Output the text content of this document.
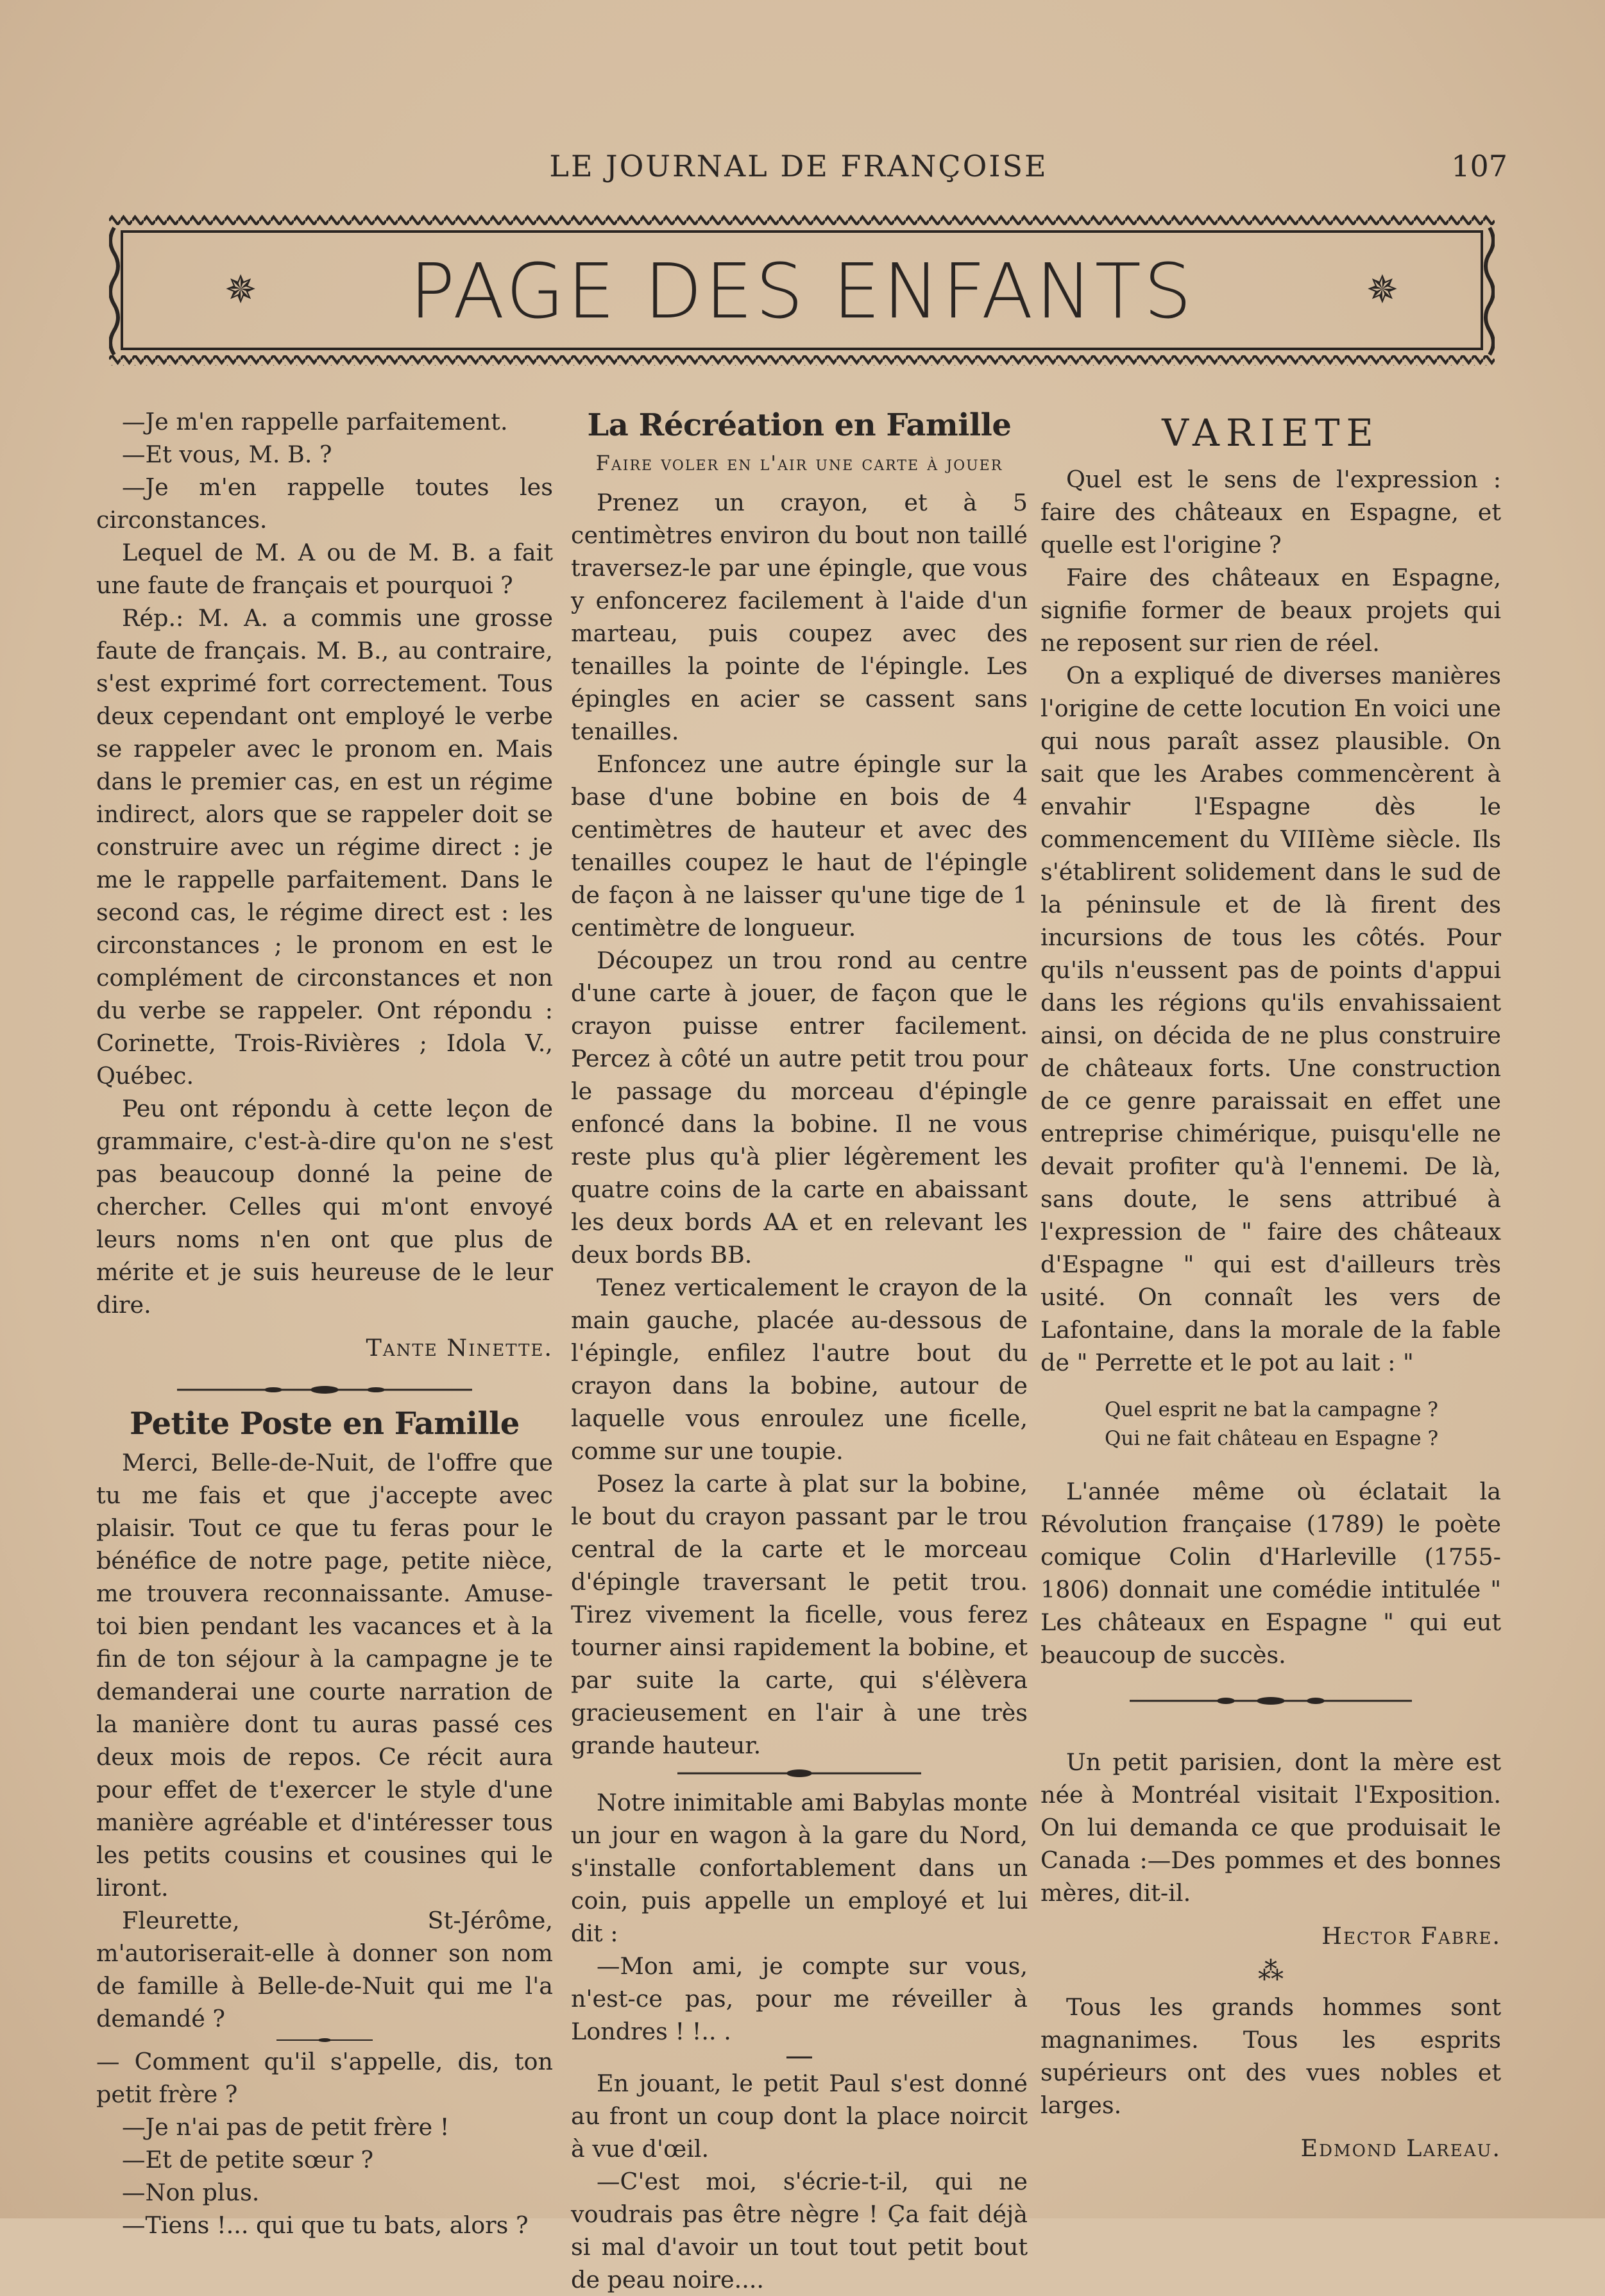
LE JOURNAL DE FRANÇOISE	107
✵	PAGE DES ENFANTS	✵

—Je m'en rappelle parfaitement.

—Et vous, M. B. ?

—Je m'en rappelle toutes les circonstances.

Lequel de M. A ou de M. B. a fait une faute de français et pourquoi ?

Rép.: M. A. a commis une grosse faute de français. M. B., au contraire, s'est exprimé fort correctement. Tous deux cependant ont employé le verbe se rappeler avec le pronom en. Mais dans le premier cas, en est un régime indirect, alors que se rappeler doit se construire avec un régime direct : je me le rappelle parfaitement. Dans le second cas, le régime direct est : les circonstances ; le pronom en est le complément de circonstances et non du verbe se rappeler. Ont répondu : Corinette, Trois-Rivières ; Idola V., Québec.

Peu ont répondu à cette leçon de grammaire, c'est-à-dire qu'on ne s'est pas beaucoup donné la peine de chercher. Celles qui m'ont envoyé leurs noms n'en ont que plus de mérite et je suis heureuse de le leur dire.

Tante Ninette.

Petite Poste en Famille

Merci, Belle-de-Nuit, de l'offre que tu me fais et que j'accepte avec plaisir. Tout ce que tu feras pour le bénéfice de notre page, petite nièce, me trouvera reconnaissante. Amuse-toi bien pendant les vacances et à la fin de ton séjour à la campagne je te demanderai une courte narration de la manière dont tu auras passé ces deux mois de repos. Ce récit aura pour effet de t'exercer le style d'une manière agréable et d'intéresser tous les petits cousins et cousines qui le liront.

Fleurette, St-Jérôme, m'autoriserait-elle à donner son nom de famille à Belle-de-Nuit qui me l'a demandé ?

— Comment qu'il s'appelle, dis, ton petit frère ?

—Je n'ai pas de petit frère !

—Et de petite sœur ?

—Non plus.

—Tiens !... qui que tu bats, alors ?

La Récréation en Famille

Faire voler en l'air une carte à jouer

Prenez un crayon, et à 5 centimètres environ du bout non taillé traversez-le par une épingle, que vous y enfoncerez facilement à l'aide d'un marteau, puis coupez avec des tenailles la pointe de l'épingle. Les épingles en acier se cassent sans tenailles.

Enfoncez une autre épingle sur la base d'une bobine en bois de 4 centimètres de hauteur et avec des tenailles coupez le haut de l'épingle de façon à ne laisser qu'une tige de 1 centimètre de longueur.

Découpez un trou rond au centre d'une carte à jouer, de façon que le crayon puisse entrer facilement. Percez à côté un autre petit trou pour le passage du morceau d'épingle enfoncé dans la bobine. Il ne vous reste plus qu'à plier légèrement les quatre coins de la carte en abaissant les deux bords AA et en relevant les deux bords BB.

Tenez verticalement le crayon de la main gauche, placée au-dessous de l'épingle, enfilez l'autre bout du crayon dans la bobine, autour de laquelle vous enroulez une ficelle, comme sur une toupie.

Posez la carte à plat sur la bobine, le bout du crayon passant par le trou central de la carte et le morceau d'épingle traversant le petit trou. Tirez vivement la ficelle, vous ferez tourner ainsi rapidement la bobine, et par suite la carte, qui s'élèvera gracieusement en l'air à une très grande hauteur.

Notre inimitable ami Babylas monte un jour en wagon à la gare du Nord, s'installe confortablement dans un coin, puis appelle un employé et lui dit :

—Mon ami, je compte sur vous, n'est-ce pas, pour me réveiller à Londres ! !.. .

En jouant, le petit Paul s'est donné au front un coup dont la place noircit à vue d'œil.

—C'est moi, s'écrie-t-il, qui ne voudrais pas être nègre ! Ça fait déjà si mal d'avoir un tout tout petit bout de peau noire....

VARIETE

Quel est le sens de l'expression : faire des châteaux en Espagne, et quelle est l'origine ?

Faire des châteaux en Espagne, signifie former de beaux projets qui ne reposent sur rien de réel.

On a expliqué de diverses manières l'origine de cette locution En voici une qui nous paraît assez plausible. On sait que les Arabes commencèrent à envahir l'Espagne dès le commencement du VIIIème siècle. Ils s'établirent solidement dans le sud de la péninsule et de là firent des incursions de tous les côtés. Pour qu'ils n'eussent pas de points d'appui dans les régions qu'ils envahissaient ainsi, on décida de ne plus construire de châteaux forts. Une construction de ce genre paraissait en effet une entreprise chimérique, puisqu'elle ne devait profiter qu'à l'ennemi. De là, sans doute, le sens attribué à l'expression de " faire des châteaux d'Espagne " qui est d'ailleurs très usité. On connaît les vers de Lafontaine, dans la morale de la fable de " Perrette et le pot au lait : "

Quel esprit ne bat la campagne ?
Qui ne fait château en Espagne ?

L'année même où éclatait la Révolution française (1789) le poète comique Colin d'Harleville (1755-1806) donnait une comédie intitulée " Les châteaux en Espagne " qui eut beaucoup de succès.

Un petit parisien, dont la mère est née à Montréal visitait l'Exposition. On lui demanda ce que produisait le Canada :—Des pommes et des bonnes mères, dit-il.

Hector Fabre.

⁂

Tous les grands hommes sont magnanimes. Tous les esprits supérieurs ont des vues nobles et larges.

Edmond Lareau.
